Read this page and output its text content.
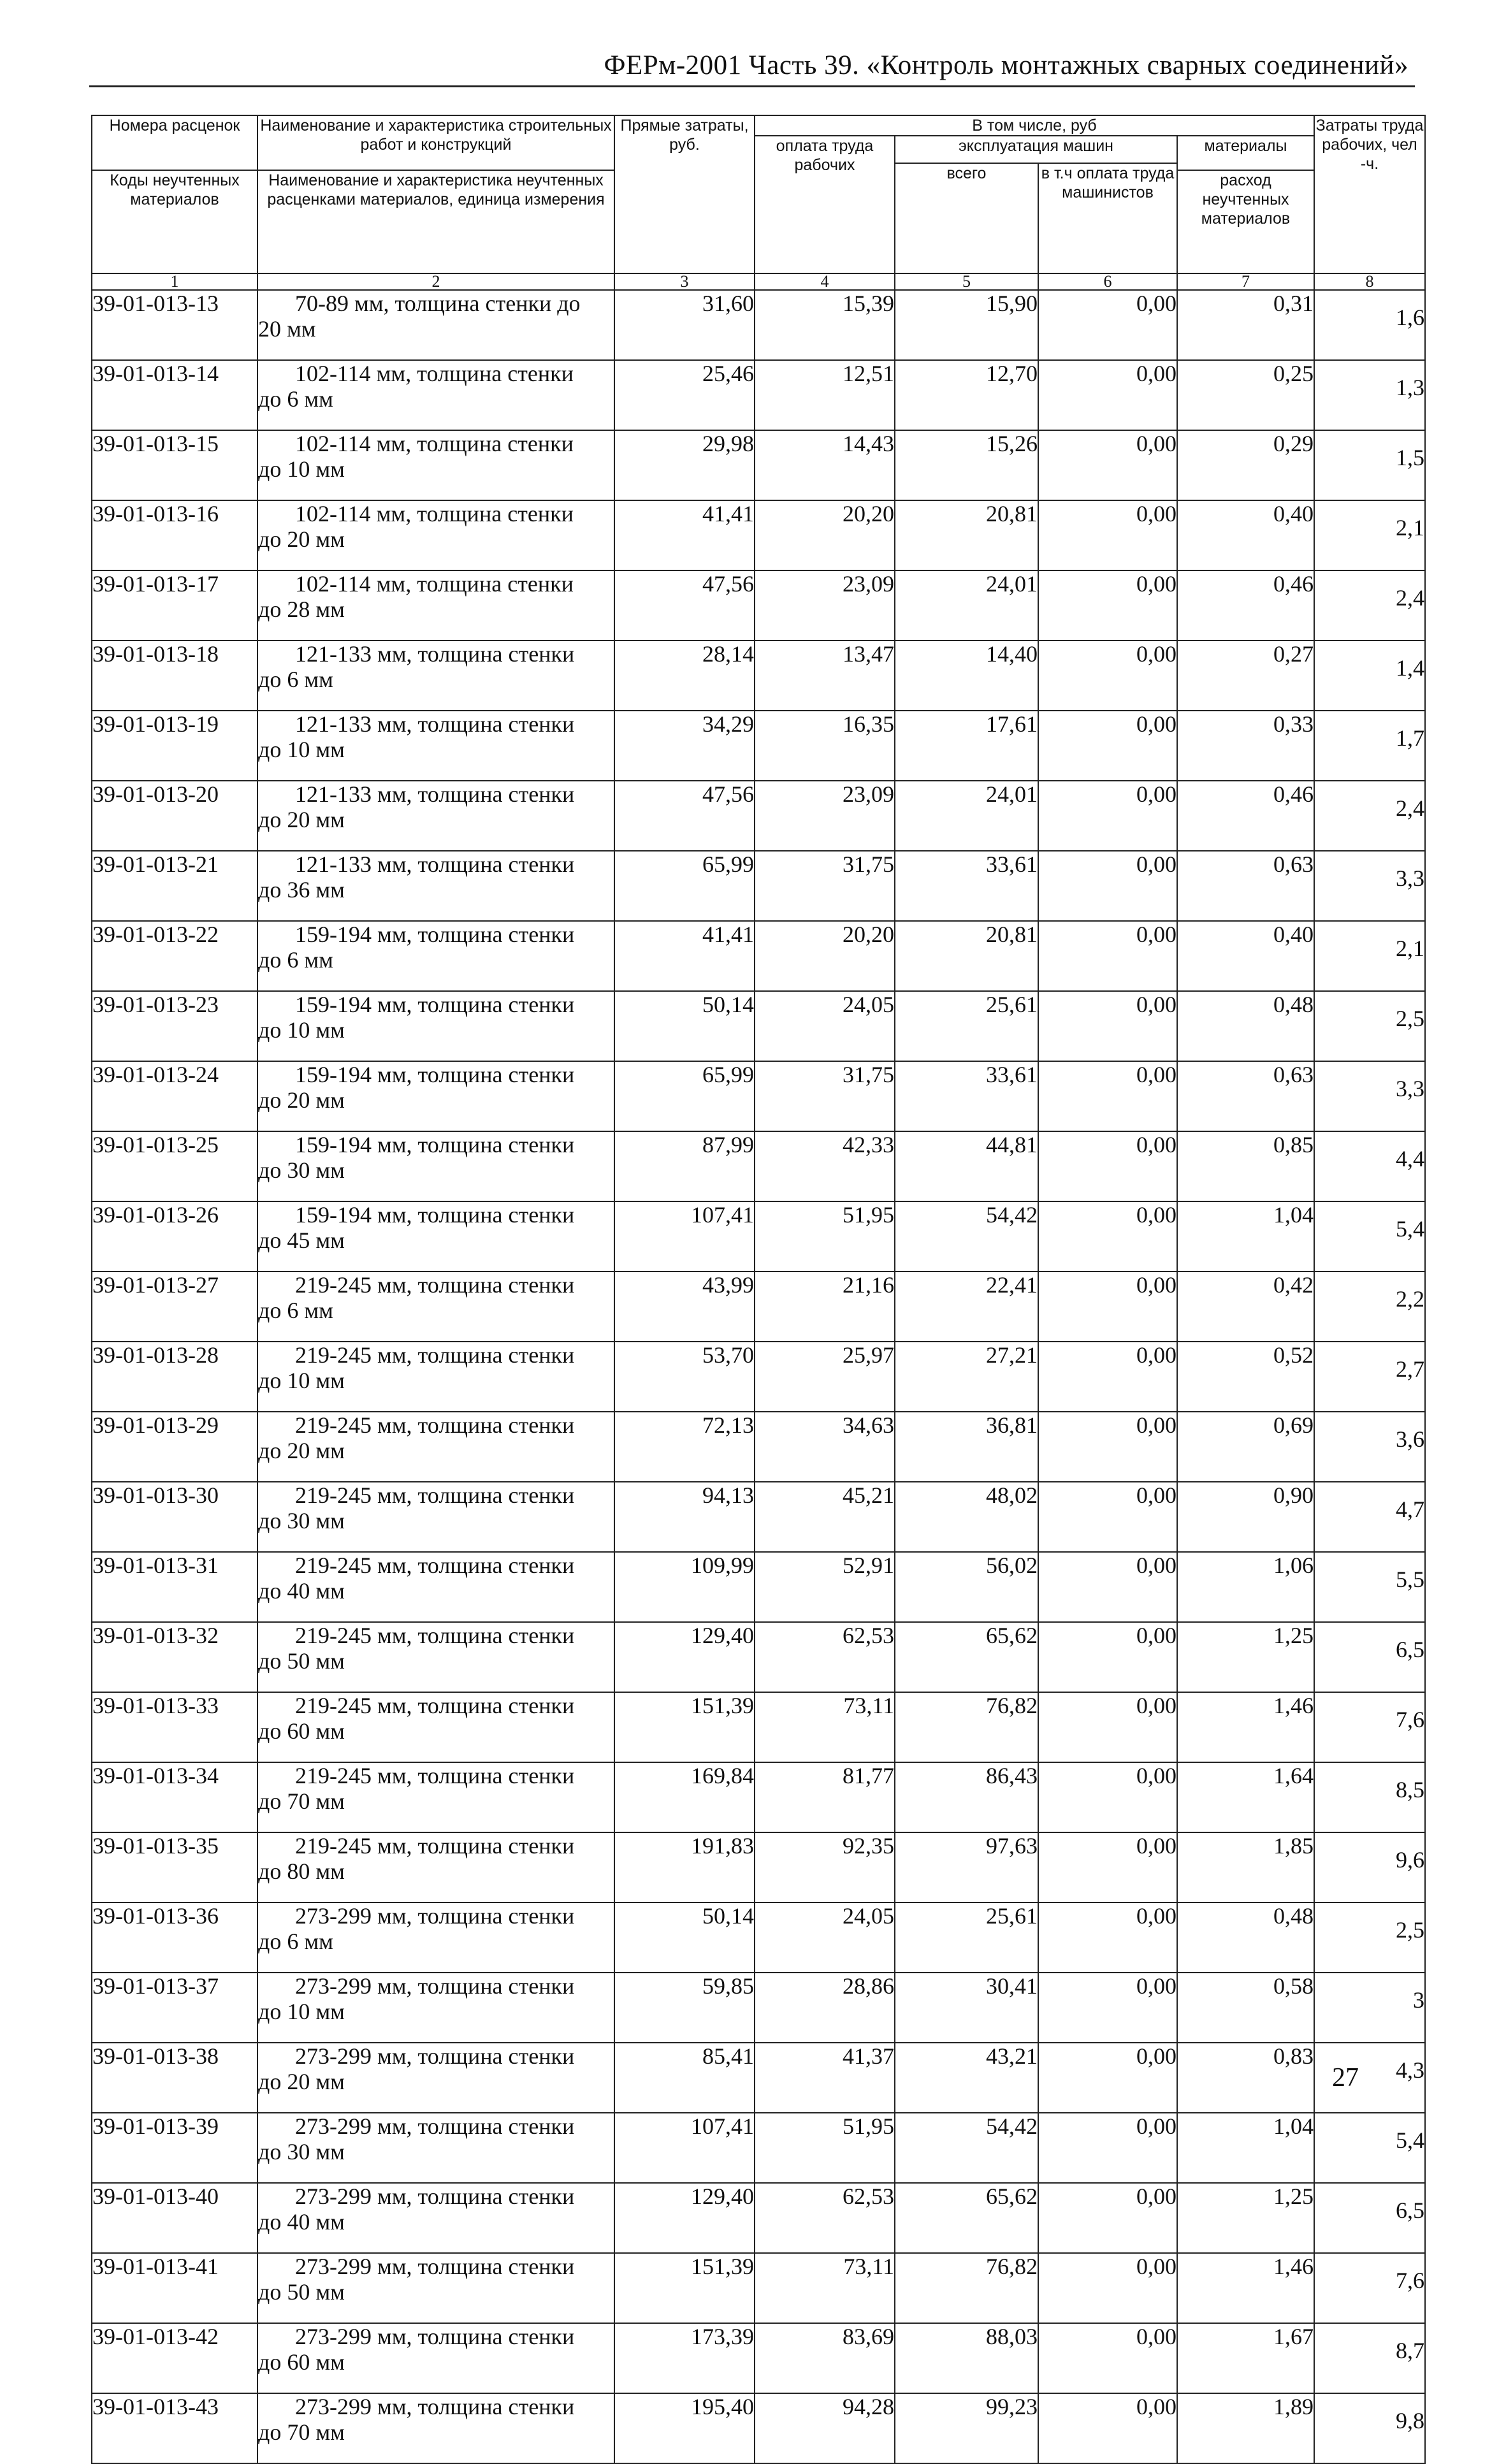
ФЕРм-2001 Часть 39. «Контроль монтажных сварных соединений»
Номера расценок	Наименование и характеристика строительных работ и конструкций	Прямые затраты, руб.	В том числе, руб				Затраты труда рабочих, чел -ч.
			оплата труда рабочих	эксплуатация машин		материалы	
				всего	в т.ч оплата труда машинистов		
Коды неучтенных материалов	Наименование и характеристика неучтенных расценками материалов, единица измерения					расход неучтенных материалов	

1	2	3	4	5	6	7	8
39-01-013-13	70-89 мм, толщина стенки до
20 мм	31,60	15,39	15,90	0,00	0,31	1,6
39-01-013-14	102-114 мм, толщина стенки
до 6 мм	25,46	12,51	12,70	0,00	0,25	1,3
39-01-013-15	102-114 мм, толщина стенки
до 10 мм	29,98	14,43	15,26	0,00	0,29	1,5
39-01-013-16	102-114 мм, толщина стенки
до 20 мм	41,41	20,20	20,81	0,00	0,40	2,1
39-01-013-17	102-114 мм, толщина стенки
до 28 мм	47,56	23,09	24,01	0,00	0,46	2,4
39-01-013-18	121-133 мм, толщина стенки
до 6 мм	28,14	13,47	14,40	0,00	0,27	1,4
39-01-013-19	121-133 мм, толщина стенки
до 10 мм	34,29	16,35	17,61	0,00	0,33	1,7
39-01-013-20	121-133 мм, толщина стенки
до 20 мм	47,56	23,09	24,01	0,00	0,46	2,4
39-01-013-21	121-133 мм, толщина стенки
до 36 мм	65,99	31,75	33,61	0,00	0,63	3,3
39-01-013-22	159-194 мм, толщина стенки
до 6 мм	41,41	20,20	20,81	0,00	0,40	2,1
39-01-013-23	159-194 мм, толщина стенки
до 10 мм	50,14	24,05	25,61	0,00	0,48	2,5
39-01-013-24	159-194 мм, толщина стенки
до 20 мм	65,99	31,75	33,61	0,00	0,63	3,3
39-01-013-25	159-194 мм, толщина стенки
до 30 мм	87,99	42,33	44,81	0,00	0,85	4,4
39-01-013-26	159-194 мм, толщина стенки
до 45 мм	107,41	51,95	54,42	0,00	1,04	5,4
39-01-013-27	219-245 мм, толщина стенки
до 6 мм	43,99	21,16	22,41	0,00	0,42	2,2
39-01-013-28	219-245 мм, толщина стенки
до 10 мм	53,70	25,97	27,21	0,00	0,52	2,7
39-01-013-29	219-245 мм, толщина стенки
до 20 мм	72,13	34,63	36,81	0,00	0,69	3,6
39-01-013-30	219-245 мм, толщина стенки
до 30 мм	94,13	45,21	48,02	0,00	0,90	4,7
39-01-013-31	219-245 мм, толщина стенки
до 40 мм	109,99	52,91	56,02	0,00	1,06	5,5
39-01-013-32	219-245 мм, толщина стенки
до 50 мм	129,40	62,53	65,62	0,00	1,25	6,5
39-01-013-33	219-245 мм, толщина стенки
до 60 мм	151,39	73,11	76,82	0,00	1,46	7,6
39-01-013-34	219-245 мм, толщина стенки
до 70 мм	169,84	81,77	86,43	0,00	1,64	8,5
39-01-013-35	219-245 мм, толщина стенки
до 80 мм	191,83	92,35	97,63	0,00	1,85	9,6
39-01-013-36	273-299 мм, толщина стенки
до 6 мм	50,14	24,05	25,61	0,00	0,48	2,5
39-01-013-37	273-299 мм, толщина стенки
до 10 мм	59,85	28,86	30,41	0,00	0,58	3
39-01-013-38	273-299 мм, толщина стенки
до 20 мм	85,41	41,37	43,21	0,00	0,83	4,3
39-01-013-39	273-299 мм, толщина стенки
до 30 мм	107,41	51,95	54,42	0,00	1,04	5,4
39-01-013-40	273-299 мм, толщина стенки
до 40 мм	129,40	62,53	65,62	0,00	1,25	6,5
39-01-013-41	273-299 мм, толщина стенки
до 50 мм	151,39	73,11	76,82	0,00	1,46	7,6
39-01-013-42	273-299 мм, толщина стенки
до 60 мм	173,39	83,69	88,03	0,00	1,67	8,7
39-01-013-43	273-299 мм, толщина стенки
до 70 мм	195,40	94,28	99,23	0,00	1,89	9,8
27
